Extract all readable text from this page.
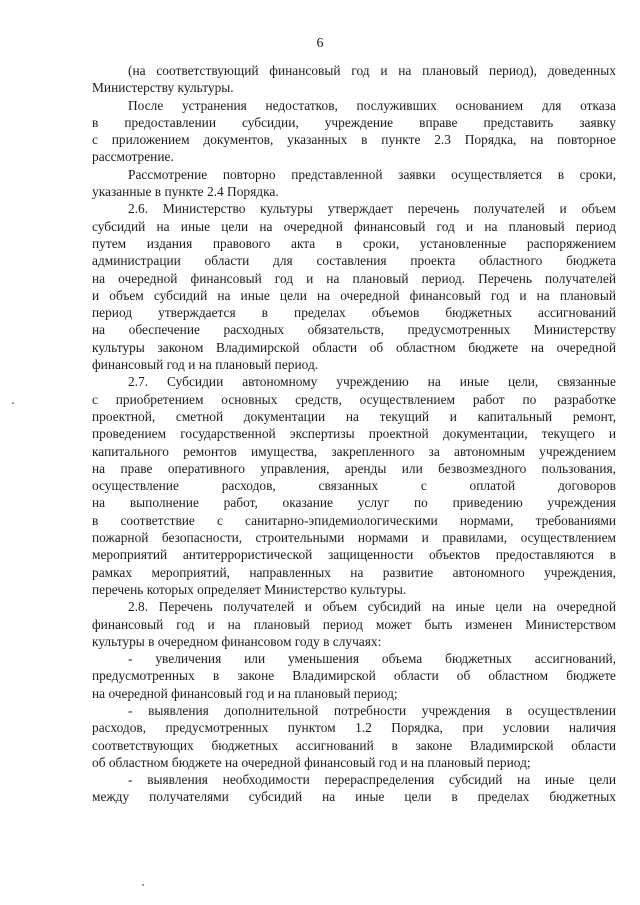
6
(на соответствующий финансовый год и на плановый период), доведенных
Министерству культуры.
После устранения недостатков, послуживших основанием для отказа
в предоставлении субсидии, учреждение вправе представить заявку
с приложением документов, указанных в пункте 2.3 Порядка, на повторное
рассмотрение.
Рассмотрение повторно представленной заявки осуществляется в сроки,
указанные в пункте 2.4 Порядка.
2.6. Министерство культуры утверждает перечень получателей и объем
субсидий на иные цели на очередной финансовый год и на плановый период
путем издания правового акта в сроки, установленные распоряжением
администрации области для составления проекта областного бюджета
на очередной финансовый год и на плановый период. Перечень получателей
и объем субсидий на иные цели на очередной финансовый год и на плановый
период утверждается в пределах объемов бюджетных ассигнований
на обеспечение расходных обязательств, предусмотренных Министерству
культуры законом Владимирской области об областном бюджете на очередной
финансовый год и на плановый период.
2.7. Субсидии автономному учреждению на иные цели, связанные
с приобретением основных средств, осуществлением работ по разработке
проектной, сметной документации на текущий и капитальный ремонт,
проведением государственной экспертизы проектной документации, текущего и
капитального ремонтов имущества, закрепленного за автономным учреждением
на праве оперативного управления, аренды или безвозмездного пользования,
осуществление расходов, связанных с оплатой договоров
на выполнение работ, оказание услуг по приведению учреждения
в соответствие с санитарно-эпидемиологическими нормами, требованиями
пожарной безопасности, строительными нормами и правилами, осуществлением
мероприятий антитеррористической защищенности объектов предоставляются в
рамках мероприятий, направленных на развитие автономного учреждения,
перечень которых определяет Министерство культуры.
2.8. Перечень получателей и объем субсидий на иные цели на очередной
финансовый год и на плановый период может быть изменен Министерством
культуры в очередном финансовом году в случаях:
- увеличения или уменьшения объема бюджетных ассигнований,
предусмотренных в законе Владимирской области об областном бюджете
на очередной финансовый год и на плановый период;
- выявления дополнительной потребности учреждения в осуществлении
расходов, предусмотренных пунктом 1.2 Порядка, при условии наличия
соответствующих бюджетных ассигнований в законе Владимирской области
об областном бюджете на очередной финансовый год и на плановый период;
- выявления необходимости перераспределения субсидий на иные цели
между получателями субсидий на иные цели в пределах бюджетных
